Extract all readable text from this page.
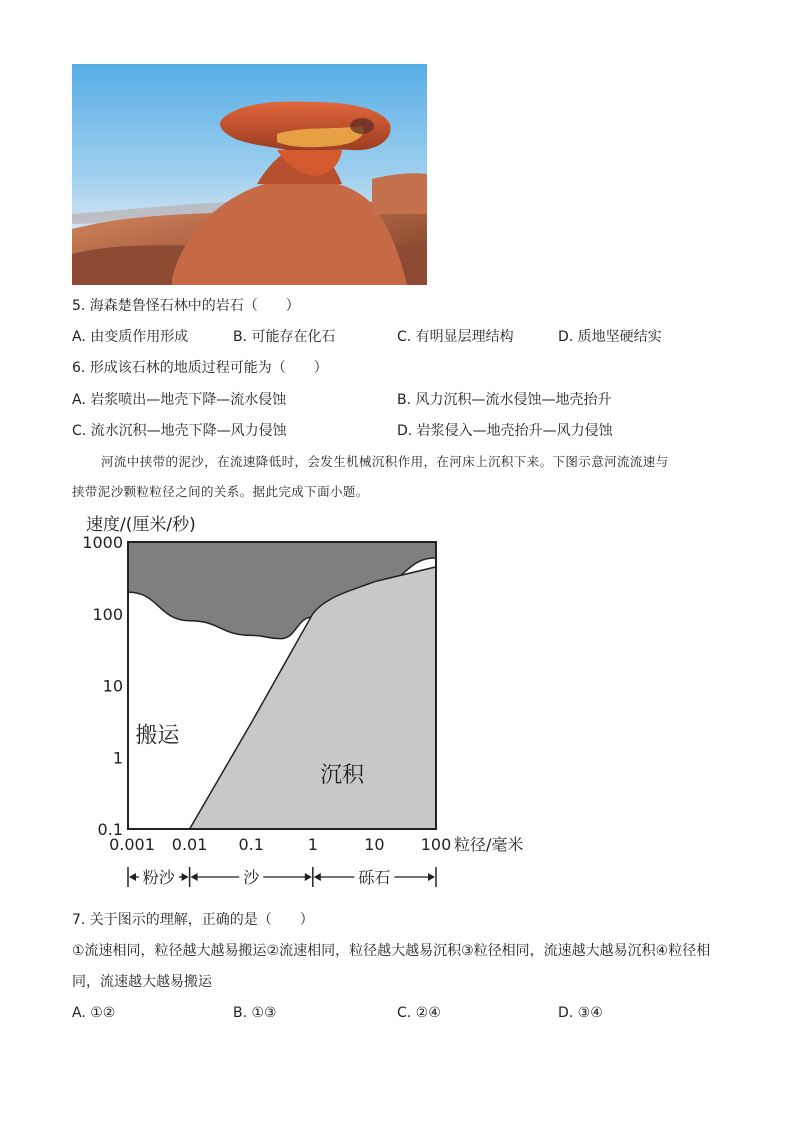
5. 海森楚鲁怪石林中的岩石（　　）
A. 由变质作用形成	B. 可能存在化石	C. 有明显层理结构	D. 质地坚硬结实
6. 形成该石林的地质过程可能为（　　）
A. 岩浆喷出—地壳下降—流水侵蚀	B. 风力沉积—流水侵蚀—地壳抬升
C. 流水沉积—地壳下降—风力侵蚀	D. 岩浆侵入—地壳抬升—风力侵蚀
河流中挟带的泥沙，在流速降低时，会发生机械沉积作用，在河床上沉积下来。下图示意河流流速与
挟带泥沙颗粒粒径之间的关系。据此完成下面小题。
速度/(厘米/秒)
1000
100
10
1
0.1
0.001 0.01 0.1	1	10 100 粒径/毫米
搬运
沉积
粉沙	沙	砾石
7. 关于图示的理解，正确的是（　　）
①流速相同，粒径越大越易搬运②流速相同，粒径越大越易沉积③粒径相同，流速越大越易沉积④粒径相
同，流速越大越易搬运
A. ①②	B. ①③	C. ②④	D. ③④
